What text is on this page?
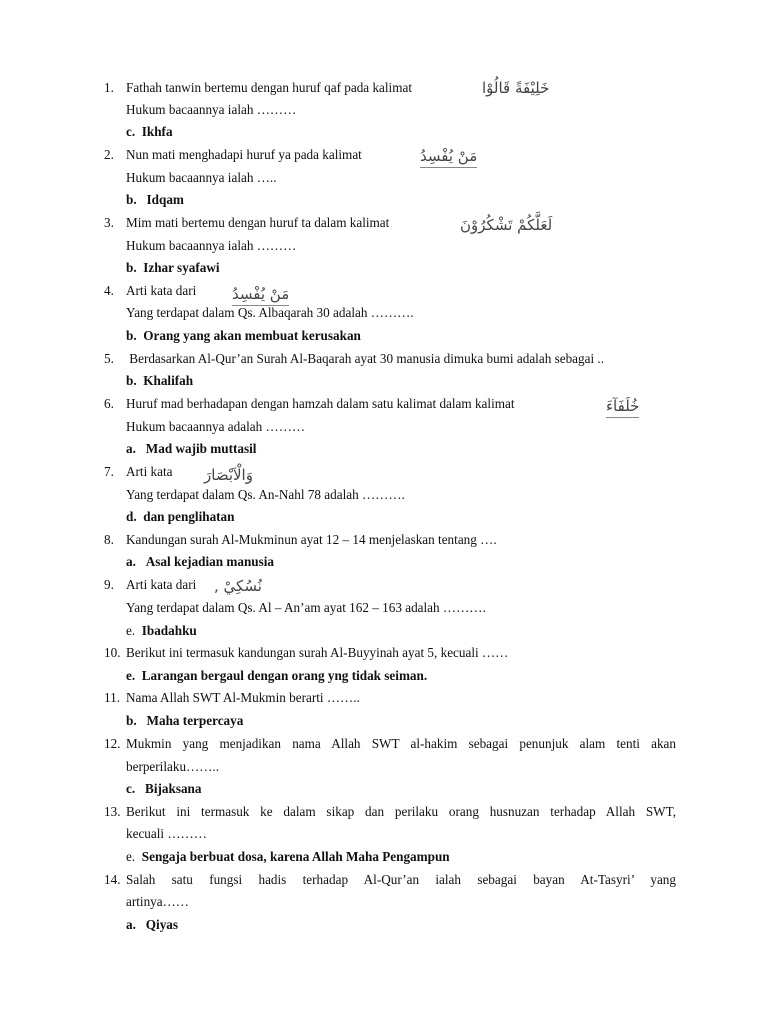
1. Fathah tanwin bertemu dengan huruf qaf pada kalimat	خَلِيْفَةً قَالُوْا
Hukum bacaannya ialah ………
c. Ikhfa
2. Nun mati menghadapi huruf ya pada kalimat	مَنْ يُفْسِدُ
Hukum bacaannya ialah …..
b. Idqam
3. Mim mati bertemu dengan huruf ta dalam kalimat	لَعَلَّكُمْ تَشْكُرُوْنَ
Hukum bacaannya ialah ………
b. Izhar syafawi
4. Arti kata dari مَنْ يُفْسِدُ
Yang terdapat dalam Qs. Albaqarah 30 adalah ……….
b. Orang yang akan membuat kerusakan
5. Berdasarkan Al-Qur’an Surah Al-Baqarah ayat 30 manusia dimuka bumi adalah sebagai ..
b. Khalifah
6. Huruf mad berhadapan dengan hamzah dalam satu kalimat dalam kalimat	خُلَفَآءَ
Hukum bacaannya adalah ………
a. Mad wajib muttasil
7. Arti kata وَالْاَبْصَارَ
Yang terdapat dalam Qs. An-Nahl 78 adalah ……….
d. dan penglihatan
8. Kandungan surah Al-Mukminun ayat 12 – 14 menjelaskan tentang ….
a. Asal kejadian manusia
9. Arti kata dari نُسُكِيْ ,
Yang terdapat dalam Qs. Al – An’am ayat 162 – 163 adalah ……….
e. Ibadahku
10. Berikut ini termasuk kandungan surah Al-Buyyinah ayat 5, kecuali ……
e. Larangan bergaul dengan orang yng tidak seiman.
11. Nama Allah SWT Al-Mukmin berarti ……..
b. Maha terpercaya
12. Mukmin yang menjadikan nama Allah SWT al-hakim sebagai penunjuk alam tenti akan
berperilaku……..
c. Bijaksana
13. Berikut ini termasuk ke dalam sikap dan perilaku orang husnuzan terhadap Allah SWT,
kecuali ………
e. Sengaja berbuat dosa, karena Allah Maha Pengampun
14. Salah satu fungsi hadis terhadap Al-Qur’an ialah sebagai bayan At-Tasyri’ yang
artinya……
a. Qiyas
